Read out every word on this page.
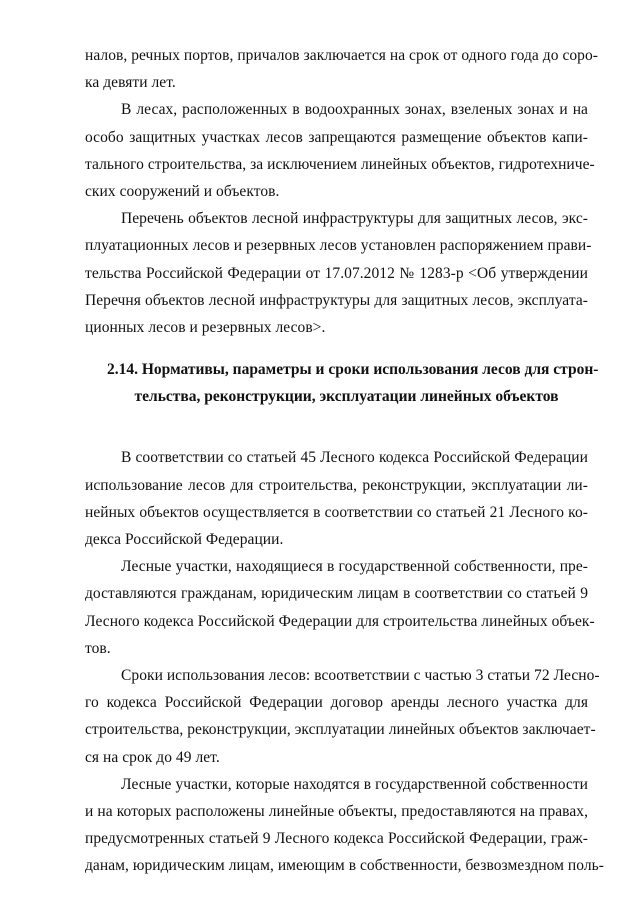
налов, речных портов, причалов заключается на срок от одного года до соро-
ка девяти лет.
В лесах, расположенных в водоохранных зонах, взеленых зонах и на
особо защитных участках лесов запрещаются размещение объектов капи-
тального строительства, за исключением линейных объектов, гидротехниче-
ских сооружений и объектов.
Перечень объектов лесной инфраструктуры для защитных лесов, экс-
плуатационных лесов и резервных лесов установлен распоряжением прави-
тельства Российской Федерации от 17.07.2012 № 1283-р <Об утверждении
Перечня объектов лесной инфраструктуры для защитных лесов, эксплуата-
ционных лесов и резервных лесов>.
2.14. Нормативы, параметры и сроки использования лесов для строн-
тельства, реконструкции, эксплуатации линейных объектов
В соответствии со статьей 45 Лесного кодекса Российской Федерации
использование лесов для строительства, реконструкции, эксплуатации ли-
нейных объектов осуществляется в соответствии со статьей 21 Лесного ко-
декса Российской Федерации.
Лесные участки, находящиеся в государственной собственности, пре-
доставляются гражданам, юридическим лицам в соответствии со статьей 9
Лесного кодекса Российской Федерации для строительства линейных объек-
тов.
Сроки использования лесов: всоответствии с частью 3 статьи 72 Лесно-
го кодекса Российской Федерации договор аренды лесного участка для
строительства, реконструкции, эксплуатации линейных объектов заключает-
ся на срок до 49 лет.
Лесные участки, которые находятся в государственной собственности
и на которых расположены линейные объекты, предоставляются на правах,
предусмотренных статьей 9 Лесного кодекса Российской Федерации, граж-
данам, юридическим лицам, имеющим в собственности, безвозмездном поль-
